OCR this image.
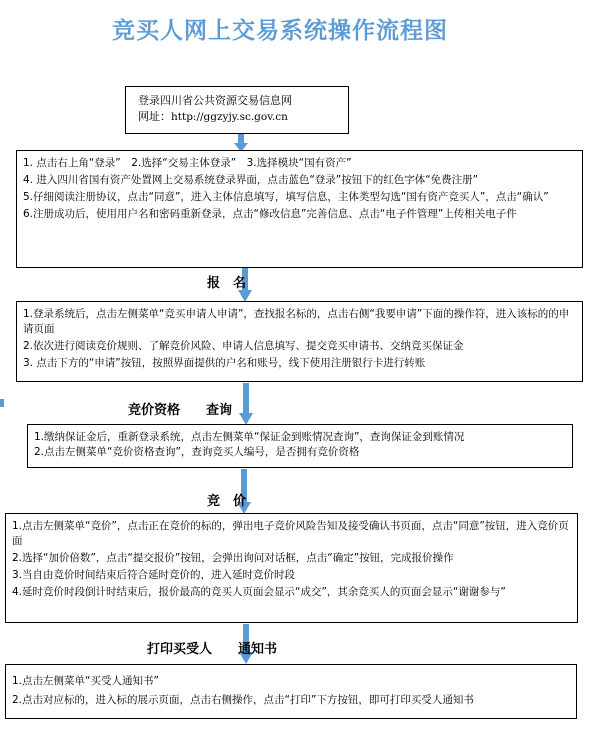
竞买人网上交易系统操作流程图

登录四川省公共资源交易信息网

网址：http://ggzyjy.sc.gov.cn

1. 点击右上角“登录”　2.选择“交易主体登录”　3.选择模块“国有资产”

4. 进入四川省国有资产处置网上交易系统登录界面，点击蓝色“登录”按钮下的红色字体“免费注册”

5.仔细阅读注册协议，点击“同意”，进入主体信息填写，填写信息，主体类型勾选“国有资产竞买人”，点击“确认”

6.注册成功后，使用用户名和密码重新登录，点击“修改信息”完善信息、点击“电子件管理”上传相关电子件

报　名

1.登录系统后，点击左侧菜单“竞买申请人申请”，查找报名标的，点击右侧“我要申请”下面的操作符，进入该标的的申请页面

2.依次进行阅读竞价规则、了解竞价风险、申请人信息填写、提交竞买申请书、交纳竞买保证金

3. 点击下方的“申请”按钮，按照界面提供的户名和账号，线下使用注册银行卡进行转账

竞价资格　　查询

1.缴纳保证金后，重新登录系统，点击左侧菜单“保证金到账情况查询”，查询保证金到账情况

2.点击左侧菜单“竞价资格查询”，查询竞买人编号，是否拥有竞价资格

竞　价

1.点击左侧菜单“竞价”，点击正在竞价的标的，弹出电子竞价风险告知及接受确认书页面，点击“同意”按钮，进入竞价页面

2.选择“加价倍数”，点击“提交报价”按钮，会弹出询问对话框，点击“确定”按钮，完成报价操作

3.当自由竞价时间结束后符合延时竞价的，进入延时竞价时段

4.延时竞价时段倒计时结束后，报价最高的竞买人页面会显示“成交”，其余竞买人的页面会显示“谢谢参与”

打印买受人　　通知书

1.点击左侧菜单“买受人通知书”

2.点击对应标的，进入标的展示页面，点击右侧操作，点击“打印”下方按钮，即可打印买受人通知书
